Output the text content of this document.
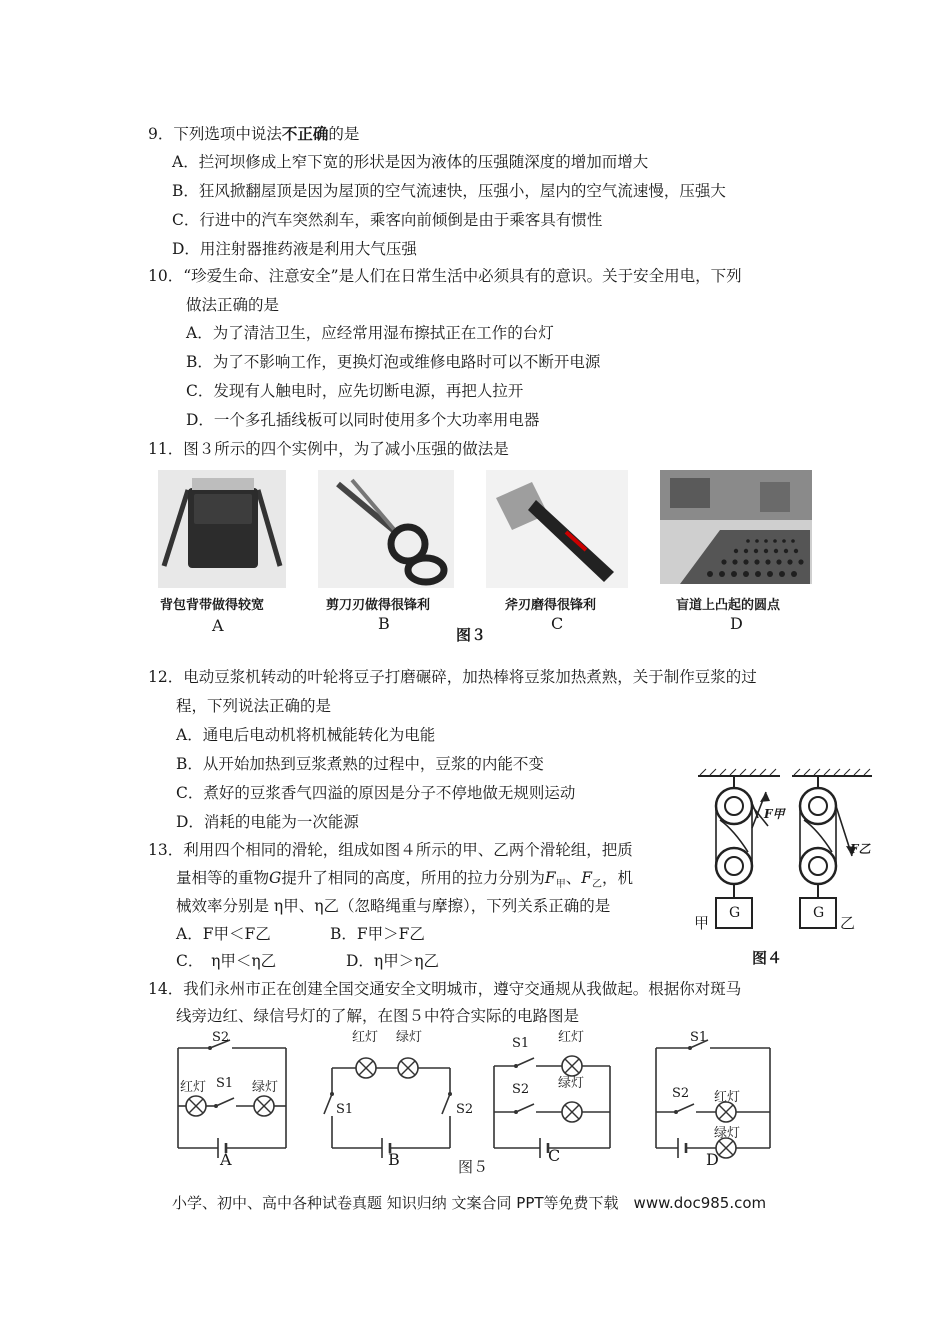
9．下列选项中说法不正确的是
A．拦河坝修成上窄下宽的形状是因为液体的压强随深度的增加而增大
B．狂风掀翻屋顶是因为屋顶的空气流速快，压强小，屋内的空气流速慢，压强大
C．行进中的汽车突然刹车，乘客向前倾倒是由于乘客具有惯性
D．用注射器推药液是利用大气压强
10．“珍爱生命、注意安全”是人们在日常生活中必须具有的意识。关于安全用电，下列
做法正确的是
A．为了清洁卫生，应经常用湿布擦拭正在工作的台灯
B．为了不影响工作，更换灯泡或维修电路时可以不断开电源
C．发现有人触电时，应先切断电源，再把人拉开
D．一个多孔插线板可以同时使用多个大功率用电器
11．图３所示的四个实例中，为了减小压强的做法是
背包背带做得较宽
A
剪刀刃做得很锋利
B
斧刃磨得很锋利
C
盲道上凸起的圆点
D
图３
12．电动豆浆机转动的叶轮将豆子打磨碾碎，加热棒将豆浆加热煮熟，关于制作豆浆的过
程，下列说法正确的是
A．通电后电动机将机械能转化为电能
B．从开始加热到豆浆煮熟的过程中，豆浆的内能不变
C．煮好的豆浆香气四溢的原因是分子不停地做无规则运动
D．消耗的电能为一次能源
13．利用四个相同的滑轮，组成如图４所示的甲、乙两个滑轮组，把质
量相等的重物G提升了相同的高度，所用的拉力分别为$F_甲$、$F_乙$，机
械效率分别是 η甲、η乙（忽略绳重与摩擦），下列关系正确的是
A．F甲＜F乙	B．F甲＞F乙
C．　η甲＜η乙	D．η甲＞η乙
F甲
F乙
G	G
甲	乙
图４
14．我们永州市正在创建全国交通安全文明城市，遵守交通规从我做起。根据你对斑马
线旁边红、绿信号灯的了解，在图５中符合实际的电路图是
S2
红灯 S1 绿灯
A
红灯 绿灯
S1	S2
B
S1 红灯
S2 绿灯
C
S1
S2 红灯
绿灯
D
图５
小学、初中、高中各种试卷真题 知识归纳 文案合同 PPT等免费下载　www.doc985.com
